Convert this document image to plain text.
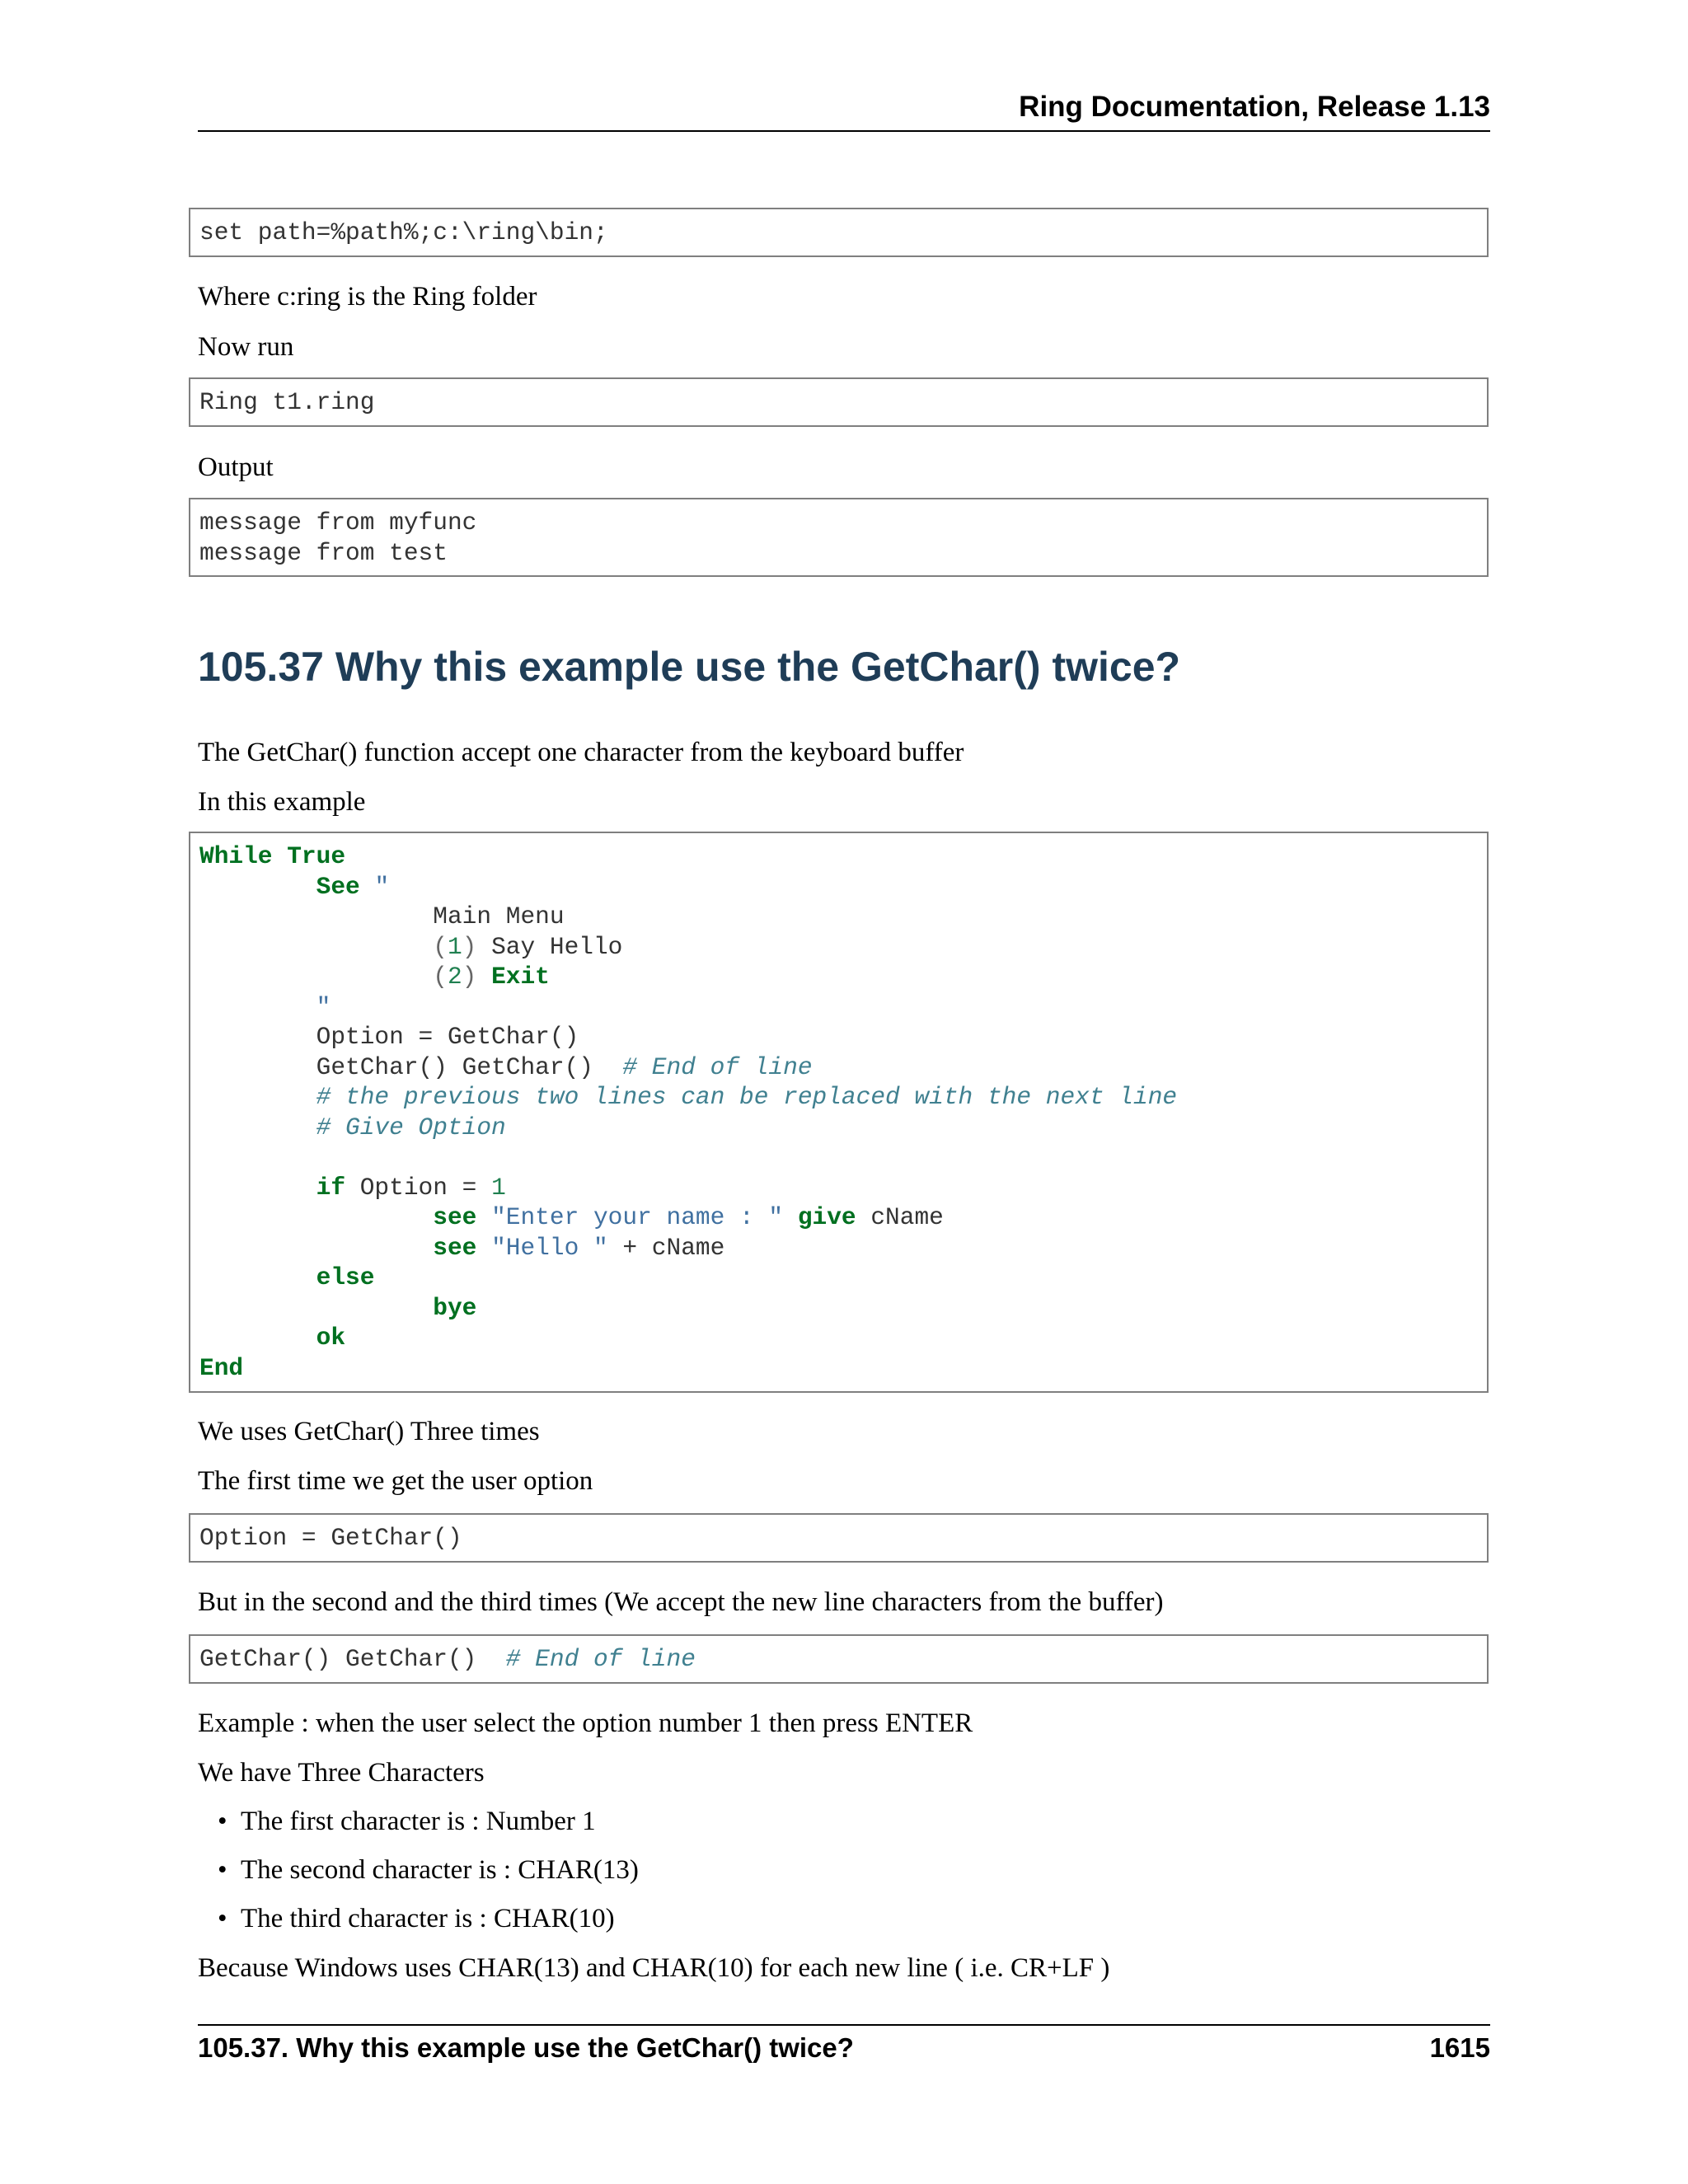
Ring Documentation, Release 1.13
set path=%path%;c:\ring\bin;
Where c:ring is the Ring folder
Now run
Ring t1.ring
Output
message from myfunc
message from test
105.37 Why this example use the GetChar() twice?
The GetChar() function accept one character from the keyboard buffer
In this example
While True
See "
Main Menu
(1) Say Hello
(2) Exit
"
Option = GetChar()
GetChar() GetChar() # End of line
# the previous two lines can be replaced with the next line
# Give Option

if Option = 1
see "Enter your name : " give cName
see "Hello " + cName
else
bye
ok
End
We uses GetChar() Three times
The first time we get the user option
Option = GetChar()
But in the second and the third times (We accept the new line characters from the buffer)
GetChar() GetChar() # End of line
Example : when the user select the option number 1 then press ENTER
We have Three Characters
• The first character is : Number 1
• The second character is : CHAR(13)
• The third character is : CHAR(10)
Because Windows uses CHAR(13) and CHAR(10) for each new line ( i.e. CR+LF )
105.37. Why this example use the GetChar() twice?	1615
